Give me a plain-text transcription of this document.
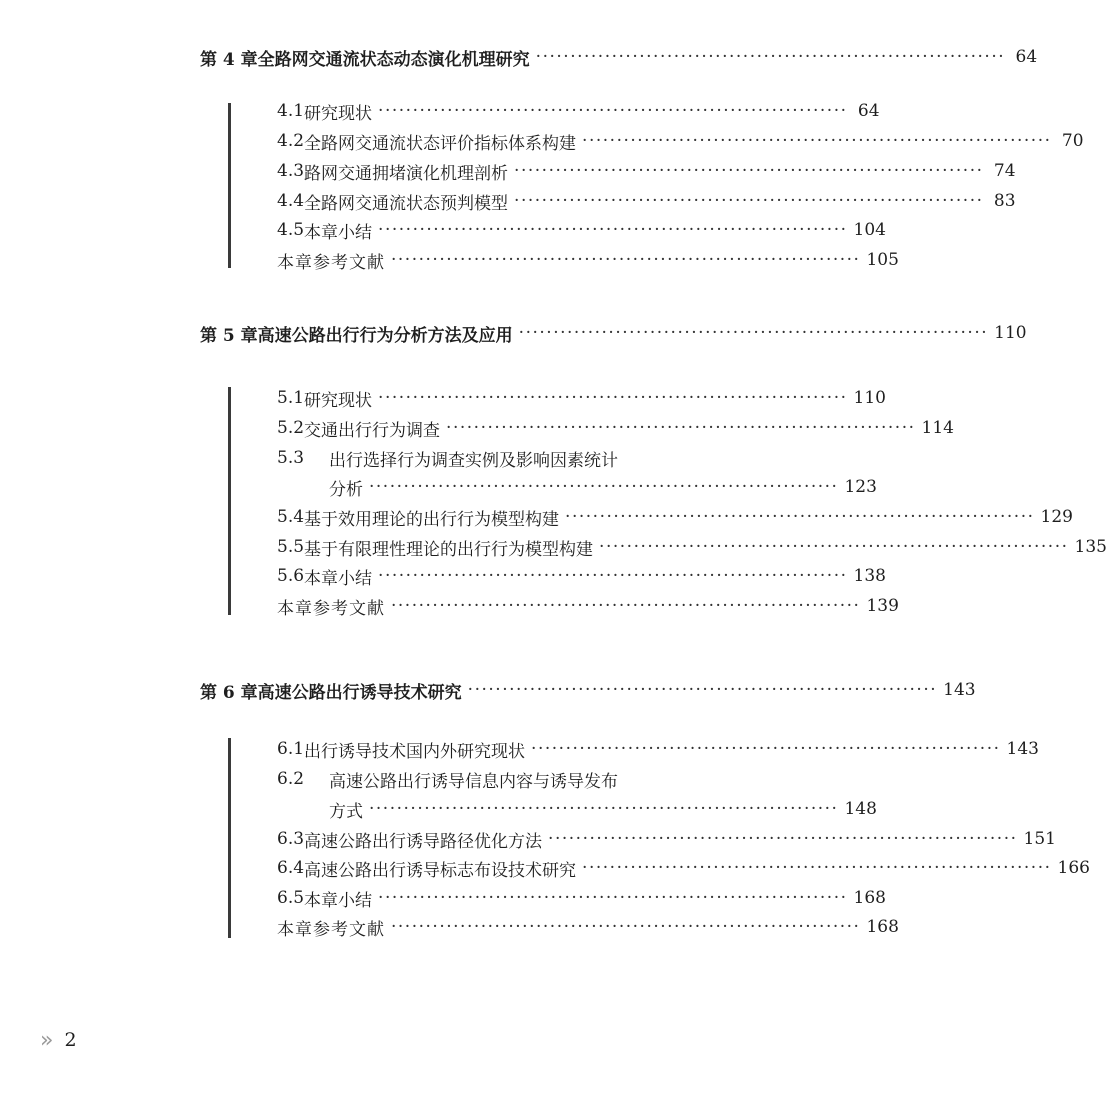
第 4 章 全路网交通流状态动态演化机理研究 ···································································· 64
4.1 研究现状 ···································································· 64
4.2 全路网交通流状态评价指标体系构建 ···································································· 70
4.3 路网交通拥堵演化机理剖析 ···································································· 74
4.4 全路网交通流状态预判模型 ···································································· 83
4.5 本章小结 ···································································· 104
本章参考文献 ···································································· 105
第 5 章 高速公路出行行为分析方法及应用 ···································································· 110
5.1 研究现状 ···································································· 110
5.2 交通出行行为调查 ···································································· 114
5.3	出行选择行为调查实例及影响因素统计
分析 ···································································· 123
5.4 基于效用理论的出行行为模型构建 ···································································· 129
5.5 基于有限理性理论的出行行为模型构建 ···································································· 135
5.6 本章小结 ···································································· 138
本章参考文献 ···································································· 139
第 6 章 高速公路出行诱导技术研究 ···································································· 143
6.1 出行诱导技术国内外研究现状 ···································································· 143
6.2	高速公路出行诱导信息内容与诱导发布
方式 ···································································· 148
6.3 高速公路出行诱导路径优化方法 ···································································· 151
6.4 高速公路出行诱导标志布设技术研究 ···································································· 166
6.5 本章小结 ···································································· 168
本章参考文献 ···································································· 168
» 2
